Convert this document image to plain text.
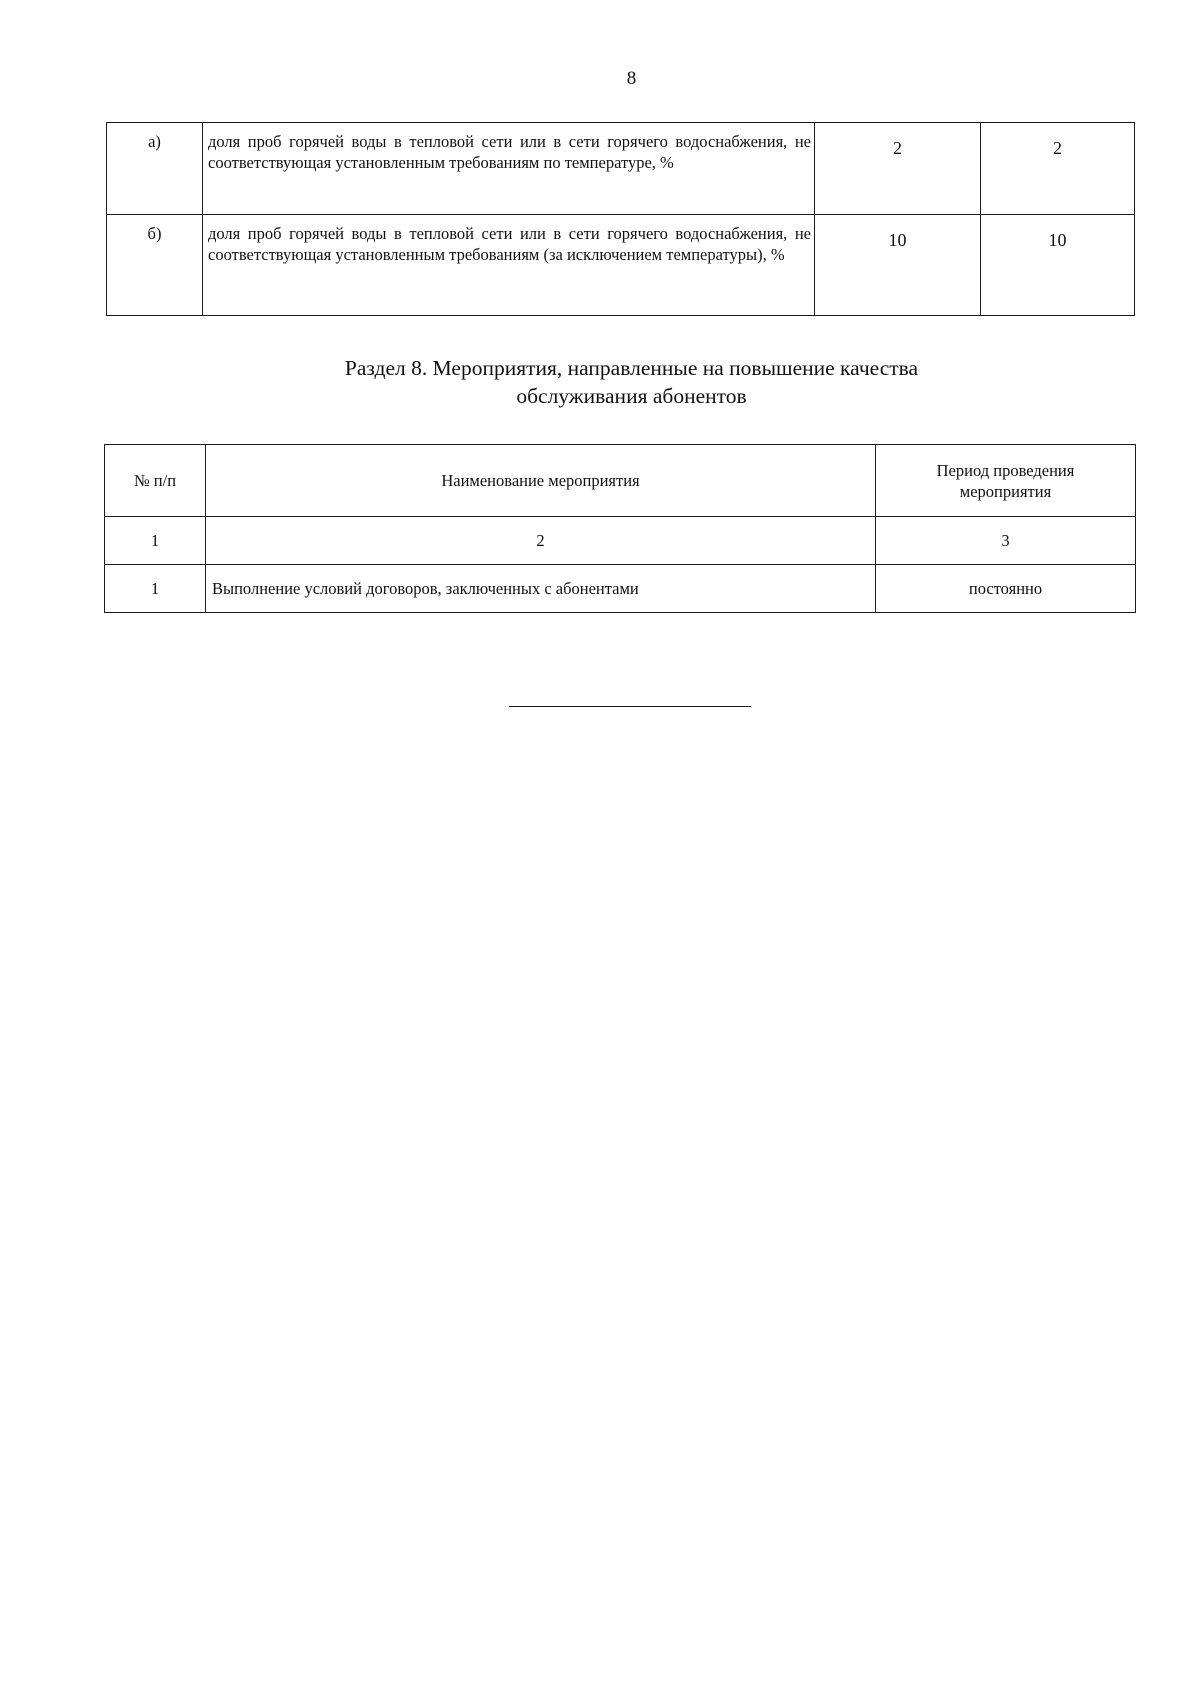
8
а)	доля проб горячей воды в тепловой сети или в сети горячего водоснабжения, не соответствующая установленным требованиям по температуре, %	2	2
б)	доля проб горячей воды в тепловой сети или в сети горячего водоснабжения, не соответствующая установленным требованиям (за исключением температуры), %	10	10
Раздел 8. Мероприятия, направленные на повышение качества
обслуживания абонентов
№ п/п	Наименование мероприятия	Период проведения мероприятия
1	2	3
1	Выполнение условий договоров, заключенных с абонентами	постоянно
